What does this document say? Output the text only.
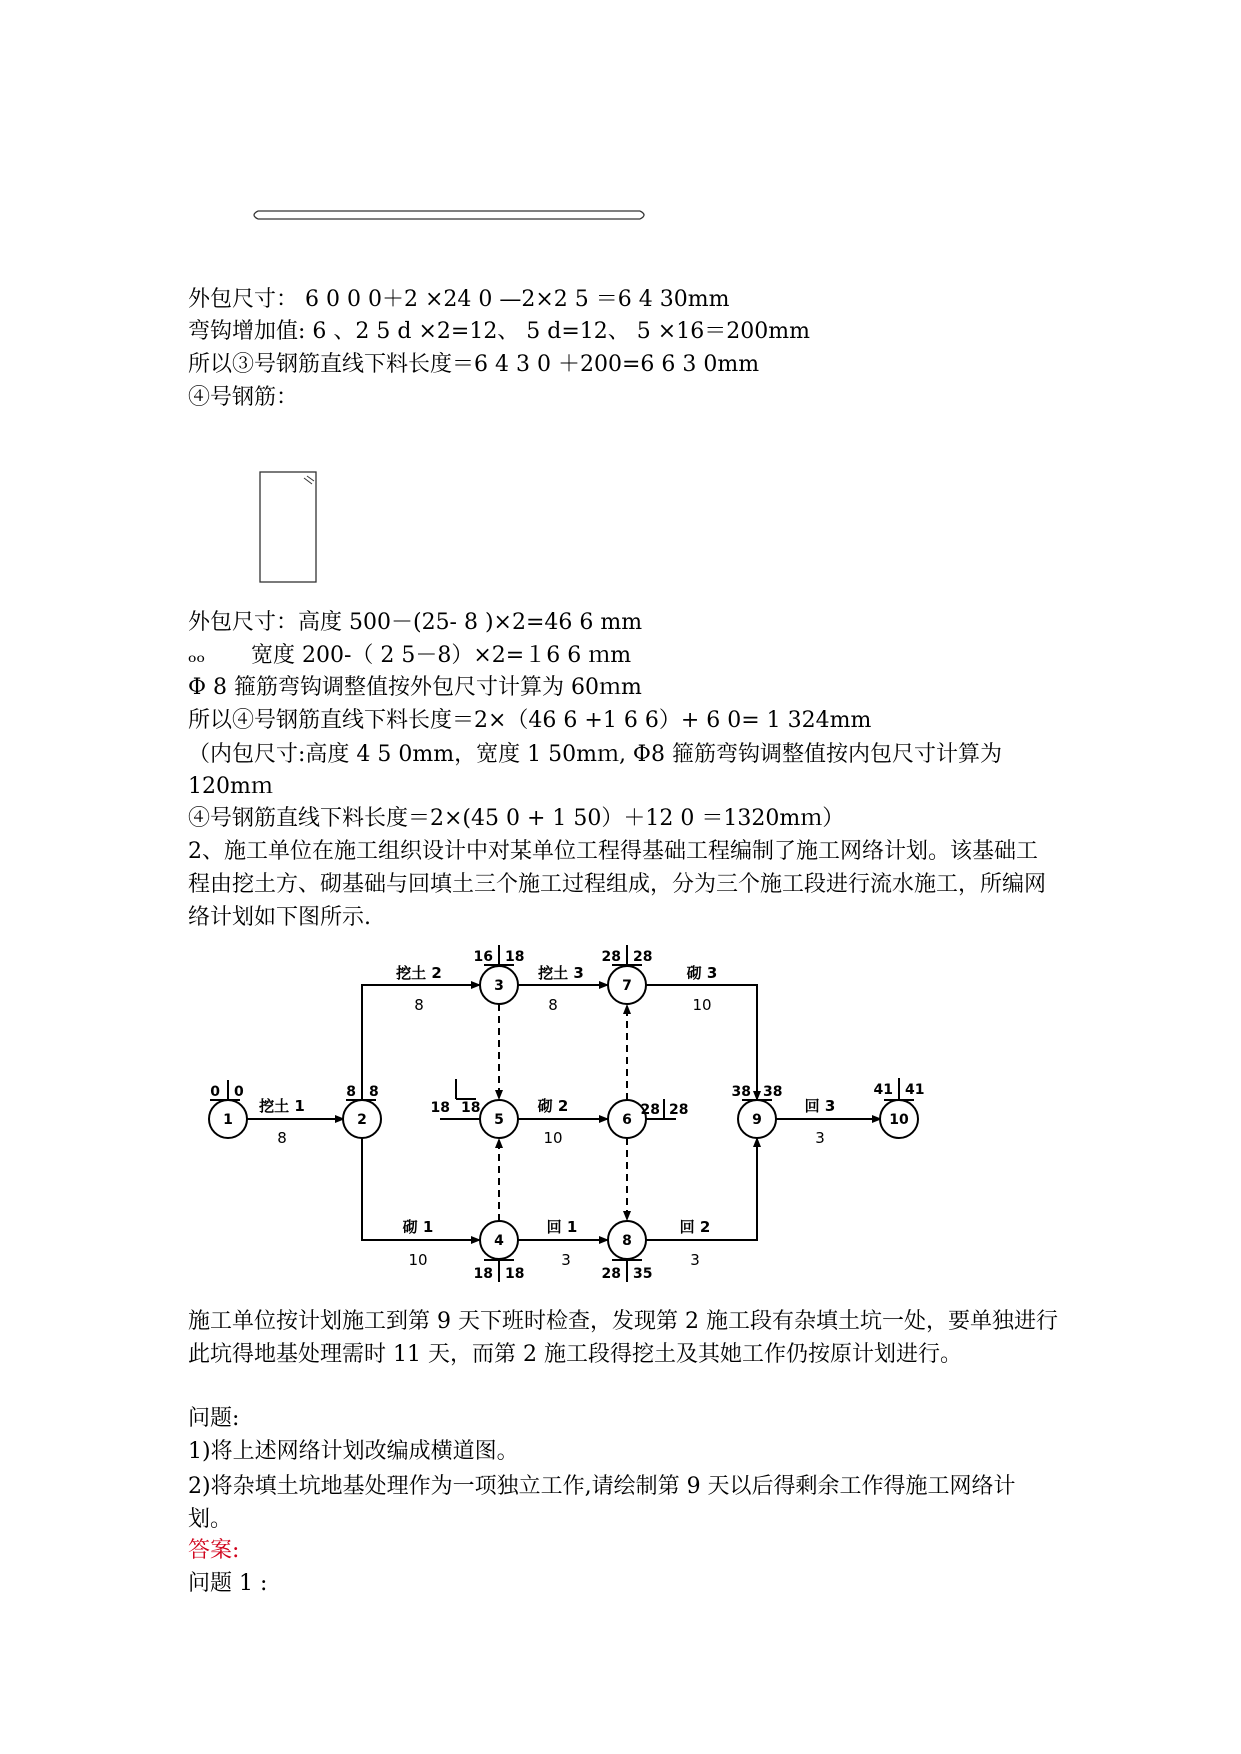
外包尺寸： 6 0 0 0＋2 ×24 0 —2×2 5 ＝6 4 30mm
弯钩增加值: 6 、2 5 d ×2=12、 5 d=12、 5 ×16＝200mm
所以③号钢筋直线下料长度＝6 4 3 0 ＋200=6 6 3 0mm
④号钢筋：
外包尺寸：高度 500－(25- 8 )×2=46 6 mm
ₒₒ 宽度 200-（ 2 5－8）×2=１6 6 ｍm
Φ 8 箍筋弯钩调整值按外包尺寸计算为 60ｍm
所以④号钢筋直线下料长度＝2×（46 6 +1 6 6）+ 6 0= 1 324mm
（内包尺寸:高度 4 5 0mm，宽度 1 50mｍ, Φ8 箍筋弯钩调整值按内包尺寸计算为 120mｍ
④号钢筋直线下料长度＝2×(45 0 + 1 50）＋12 0 ＝1320mｍ）
2、施工单位在施工组织设计中对某单位工程得基础工程编制了施工网络计划。该基础工程由挖土方、砌基础与回填土三个施工过程组成，分为三个施工段进行流水施工，所编网络计划如下图所示.
1	2
3
4
5	6
7
8
9	10
0 0	8 8
16 18
18 18
18 18	28 28
28 28
28 35
38 38	41 41
挖土 1
挖土 2	挖土 3	砌 3
砌 1
砌 2
回 1	回 2
回 3
8
8	8	10
10
10
3	3
3
施工单位按计划施工到第 9 天下班时检查，发现第 2 施工段有杂填土坑一处，要单独进行此坑得地基处理需时 11 天，而第 2 施工段得挖土及其她工作仍按原计划进行。
问题:
1)将上述网络计划改编成横道图。
2)将杂填土坑地基处理作为一项独立工作,请绘制第 9 天以后得剩余工作得施工网络计划。
答案:
问题 1 :
